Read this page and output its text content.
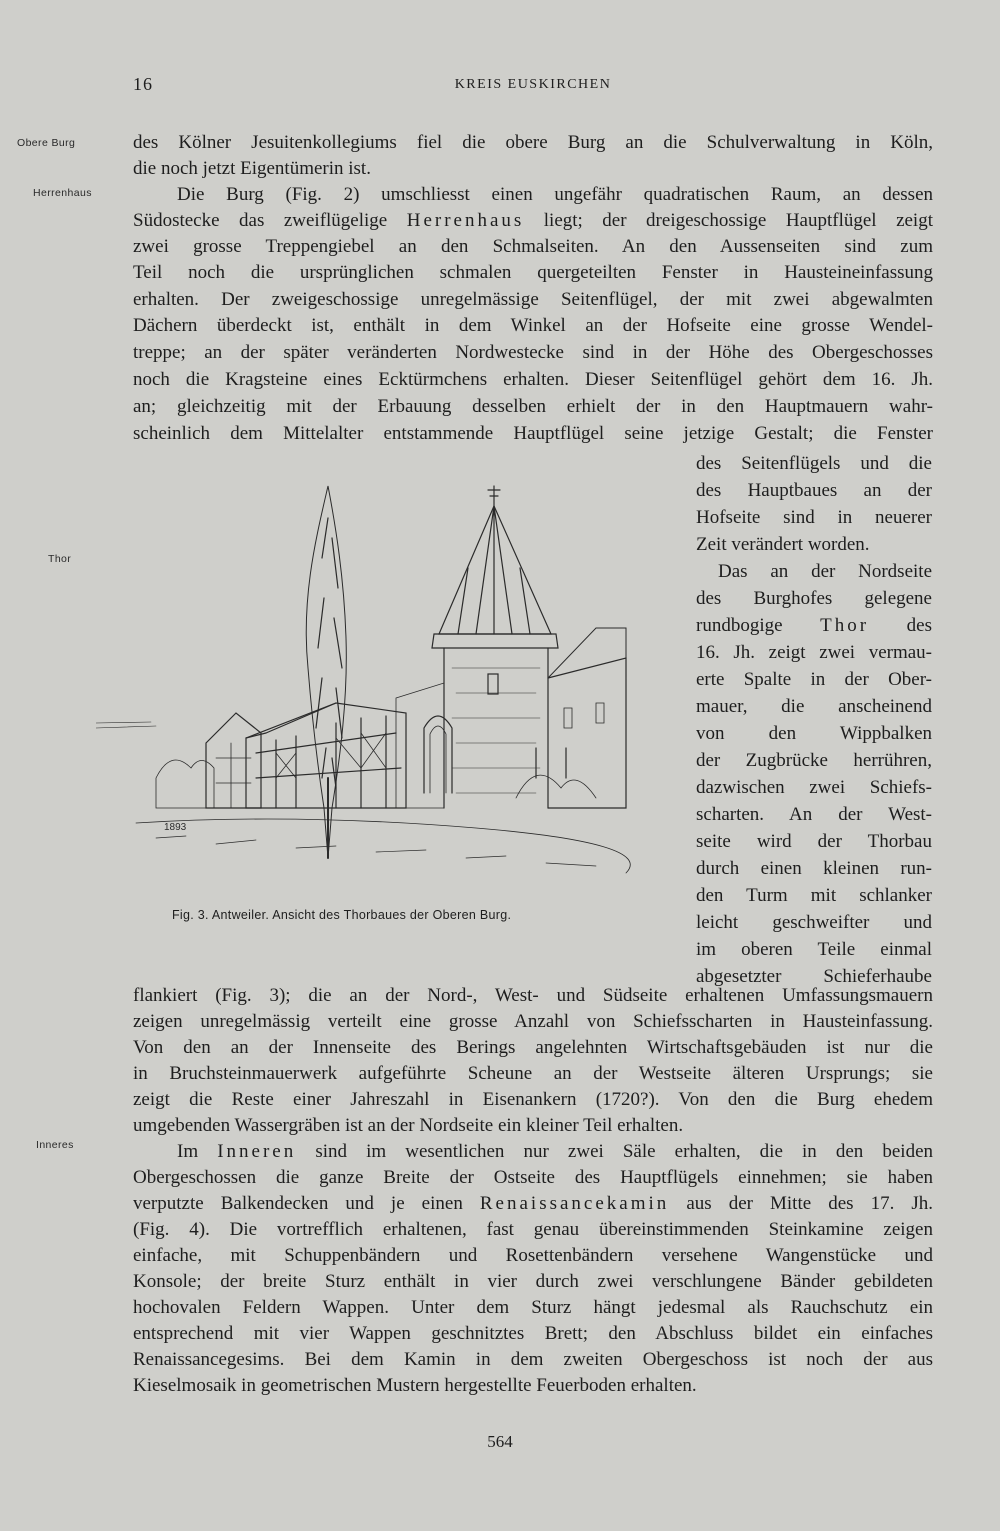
16	KREIS EUSKIRCHEN
Obere Burg
Herrenhaus
Thor
Inneres
des Kölner Jesuitenkollegiums fiel die obere Burg an die Schulverwaltung in Köln,
die noch jetzt Eigentümerin ist.
Die Burg (Fig. 2) umschliesst einen ungefähr quadratischen Raum, an dessen
Südostecke das zweiflügelige Herrenhaus liegt; der dreigeschossige Hauptflügel zeigt
zwei grosse Treppengiebel an den Schmalseiten. An den Aussenseiten sind zum
Teil noch die ursprünglichen schmalen quergeteilten Fenster in Hausteineinfassung
erhalten. Der zweigeschossige unregelmässige Seitenflügel, der mit zwei abgewalmten
Dächern überdeckt ist, enthält in dem Winkel an der Hofseite eine grosse Wendel-
treppe; an der später veränderten Nordwestecke sind in der Höhe des Obergeschosses
noch die Kragsteine eines Ecktürmchens erhalten. Dieser Seitenflügel gehört dem 16. Jh.
an; gleichzeitig mit der Erbauung desselben erhielt der in den Hauptmauern wahr-
scheinlich dem Mittelalter entstammende Hauptflügel seine jetzige Gestalt; die Fenster
des Seitenflügels und die
des Hauptbaues an der
Hofseite sind in neuerer
Zeit verändert worden.
Das an der Nordseite
des Burghofes gelegene
rundbogige Thor des
16. Jh. zeigt zwei vermau-
erte Spalte in der Ober-
mauer, die anscheinend
von den Wippbalken
der Zugbrücke herrühren,
dazwischen zwei Schiefs-
scharten. An der West-
seite wird der Thorbau
durch einen kleinen run-
den Turm mit schlanker
leicht geschweifter und
im oberen Teile einmal
abgesetzter Schieferhaube
1893
Fig. 3. Antweiler. Ansicht des Thorbaues der Oberen Burg.
flankiert (Fig. 3); die an der Nord-, West- und Südseite erhaltenen Umfassungsmauern
zeigen unregelmässig verteilt eine grosse Anzahl von Schiefsscharten in Hausteinfassung.
Von den an der Innenseite des Berings angelehnten Wirtschaftsgebäuden ist nur die
in Bruchsteinmauerwerk aufgeführte Scheune an der Westseite älteren Ursprungs; sie
zeigt die Reste einer Jahreszahl in Eisenankern (1720?). Von den die Burg ehedem
umgebenden Wassergräben ist an der Nordseite ein kleiner Teil erhalten.
Im Inneren sind im wesentlichen nur zwei Säle erhalten, die in den beiden
Obergeschossen die ganze Breite der Ostseite des Hauptflügels einnehmen; sie haben
verputzte Balkendecken und je einen Renaissancekamin aus der Mitte des 17. Jh.
(Fig. 4). Die vortrefflich erhaltenen, fast genau übereinstimmenden Steinkamine zeigen
einfache, mit Schuppenbändern und Rosettenbändern versehene Wangenstücke und
Konsole; der breite Sturz enthält in vier durch zwei verschlungene Bänder gebildeten
hochovalen Feldern Wappen. Unter dem Sturz hängt jedesmal als Rauchschutz ein
entsprechend mit vier Wappen geschnitztes Brett; den Abschluss bildet ein einfaches
Renaissancegesims. Bei dem Kamin in dem zweiten Obergeschoss ist noch der aus
Kieselmosaik in geometrischen Mustern hergestellte Feuerboden erhalten.
564
